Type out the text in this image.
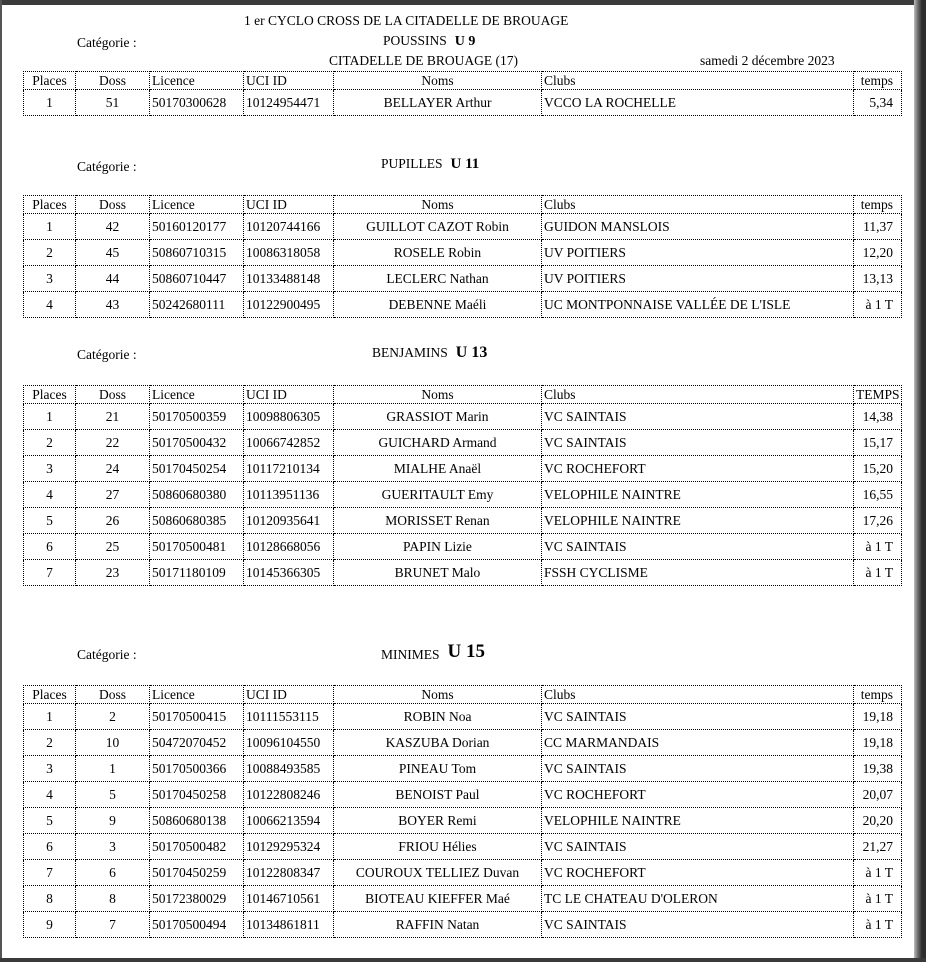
1 er CYCLO CROSS DE LA CITADELLE DE BROUAGE
Catégorie :	POUSSINS U 9
CITADELLE DE BROUAGE (17)	samedi 2 décembre 2023
Places	Doss	Licence	UCI ID	Noms	Clubs	temps
1	51	50170300628	10124954471	BELLAYER Arthur	VCCO LA ROCHELLE	5,34
Catégorie :	PUPILLES U 11
Places	Doss	Licence	UCI ID	Noms	Clubs	temps
1	42	50160120177	10120744166	GUILLOT CAZOT Robin	GUIDON MANSLOIS	11,37
2	45	50860710315	10086318058	ROSELE Robin	UV POITIERS	12,20
3	44	50860710447	10133488148	LECLERC Nathan	UV POITIERS	13,13
4	43	50242680111	10122900495	DEBENNE Maéli	UC MONTPONNAISE VALLÉE DE L'ISLE	à 1 T
Catégorie :	BENJAMINS U 13
Places	Doss	Licence	UCI ID	Noms	Clubs	TEMPS
1	21	50170500359	10098806305	GRASSIOT Marin	VC SAINTAIS	14,38
2	22	50170500432	10066742852	GUICHARD Armand	VC SAINTAIS	15,17
3	24	50170450254	10117210134	MIALHE Anaël	VC ROCHEFORT	15,20
4	27	50860680380	10113951136	GUERITAULT Emy	VELOPHILE NAINTRE	16,55
5	26	50860680385	10120935641	MORISSET Renan	VELOPHILE NAINTRE	17,26
6	25	50170500481	10128668056	PAPIN Lizie	VC SAINTAIS	à 1 T
7	23	50171180109	10145366305	BRUNET Malo	FSSH CYCLISME	à 1 T
Catégorie :	MINIMES U 15
Places	Doss	Licence	UCI ID	Noms	Clubs	temps
1	2	50170500415	10111553115	ROBIN Noa	VC SAINTAIS	19,18
2	10	50472070452	10096104550	KASZUBA Dorian	CC MARMANDAIS	19,18
3	1	50170500366	10088493585	PINEAU Tom	VC SAINTAIS	19,38
4	5	50170450258	10122808246	BENOIST Paul	VC ROCHEFORT	20,07
5	9	50860680138	10066213594	BOYER Remi	VELOPHILE NAINTRE	20,20
6	3	50170500482	10129295324	FRIOU Hélies	VC SAINTAIS	21,27
7	6	50170450259	10122808347	COUROUX TELLIEZ Duvan	VC ROCHEFORT	à 1 T
8	8	50172380029	10146710561	BIOTEAU KIEFFER Maé	TC LE CHATEAU D'OLERON	à 1 T
9	7	50170500494	10134861811	RAFFIN Natan	VC SAINTAIS	à 1 T
